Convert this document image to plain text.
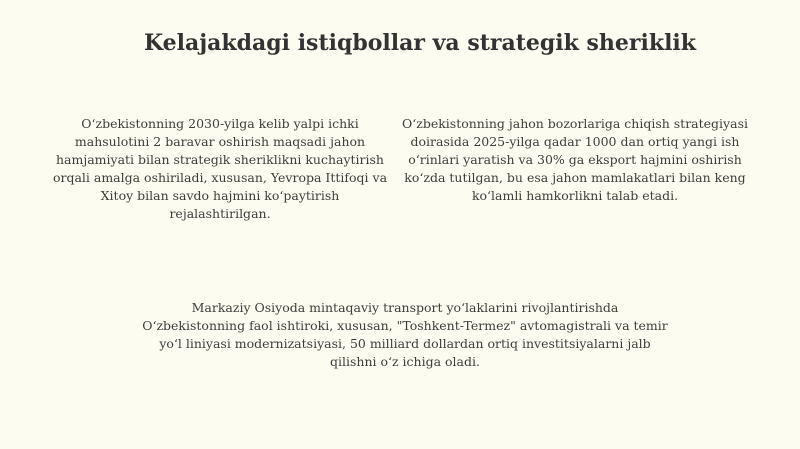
Kelajakdagi istiqbollar va strategik sheriklik
O‘zbekistonning 2030-yilga kelib yalpi ichki mahsulotini 2 baravar oshirish maqsadi jahon hamjamiyati bilan strategik sheriklikni kuchaytirish orqali amalga oshiriladi, xususan, Yevropa Ittifoqi va Xitoy bilan savdo hajmini ko‘paytirish rejalashtirilgan.
O‘zbekistonning jahon bozorlariga chiqish strategiyasi doirasida 2025-yilga qadar 1000 dan ortiq yangi ish o‘rinlari yaratish va 30% ga eksport hajmini oshirish ko‘zda tutilgan, bu esa jahon mamlakatlari bilan keng ko‘lamli hamkorlikni talab etadi.
Markaziy Osiyoda mintaqaviy transport yo‘laklarini rivojlantirishda O‘zbekistonning faol ishtiroki, xususan, "Toshkent-Termez" avtomagistrali va temir yo‘l liniyasi modernizatsiyasi, 50 milliard dollardan ortiq investitsiyalarni jalb qilishni o‘z ichiga oladi.
